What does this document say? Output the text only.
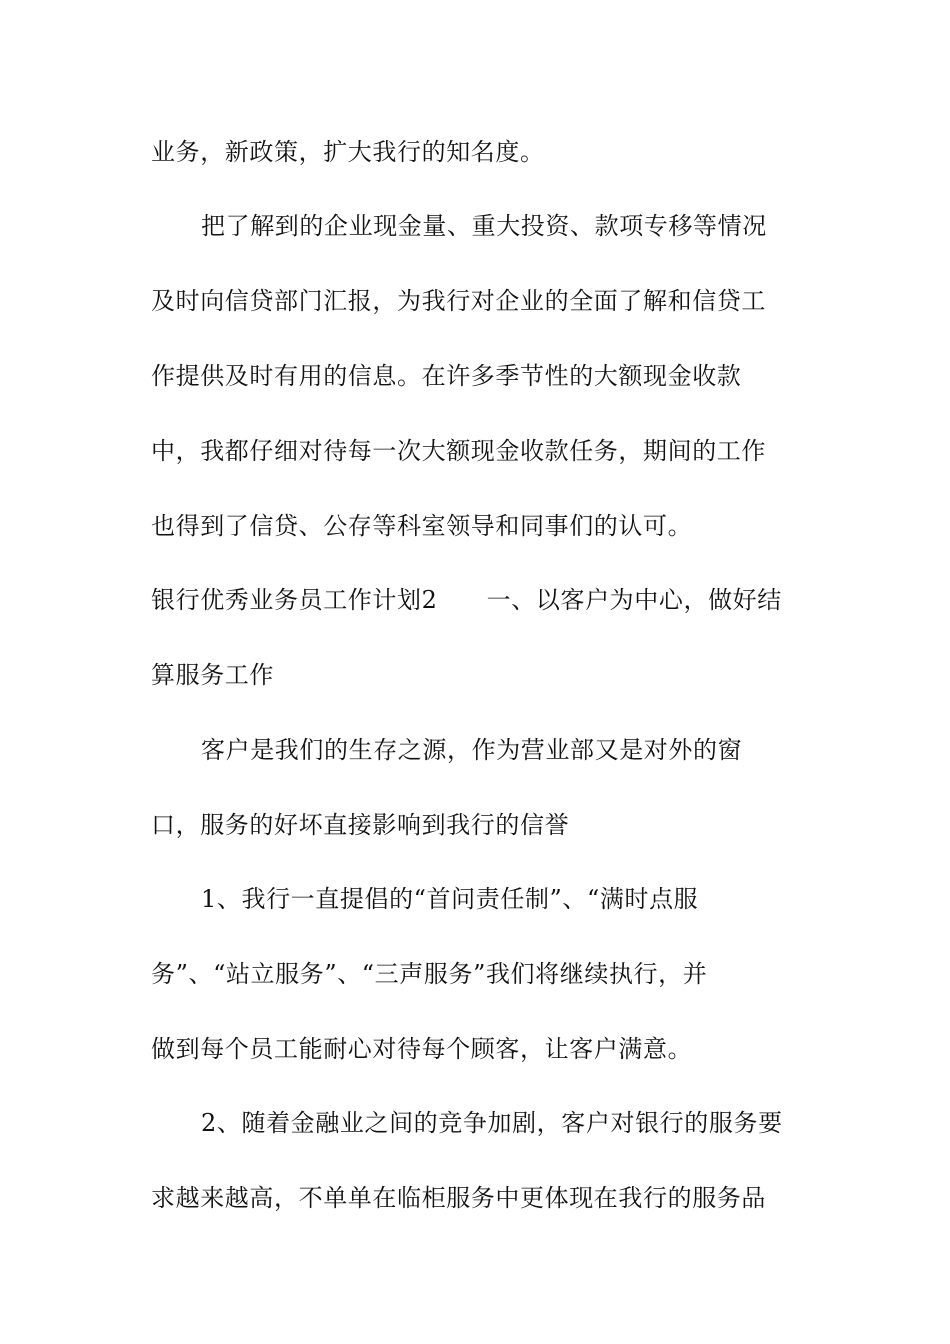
业务，新政策，扩大我行的知名度。
把了解到的企业现金量、重大投资、款项专移等情况
及时向信贷部门汇报，为我行对企业的全面了解和信贷工
作提供及时有用的信息。在许多季节性的大额现金收款
中，我都仔细对待每一次大额现金收款任务，期间的工作
也得到了信贷、公存等科室领导和同事们的认可。
银行优秀业务员工作计划2　　一、以客户为中心，做好结
算服务工作
客户是我们的生存之源，作为营业部又是对外的窗
口，服务的好坏直接影响到我行的信誉
1、我行一直提倡的“首问责任制”、“满时点服
务”、“站立服务”、“三声服务”我们将继续执行，并
做到每个员工能耐心对待每个顾客，让客户满意。
2、随着金融业之间的竞争加剧，客户对银行的服务要
求越来越高，不单单在临柜服务中更体现在我行的服务品
